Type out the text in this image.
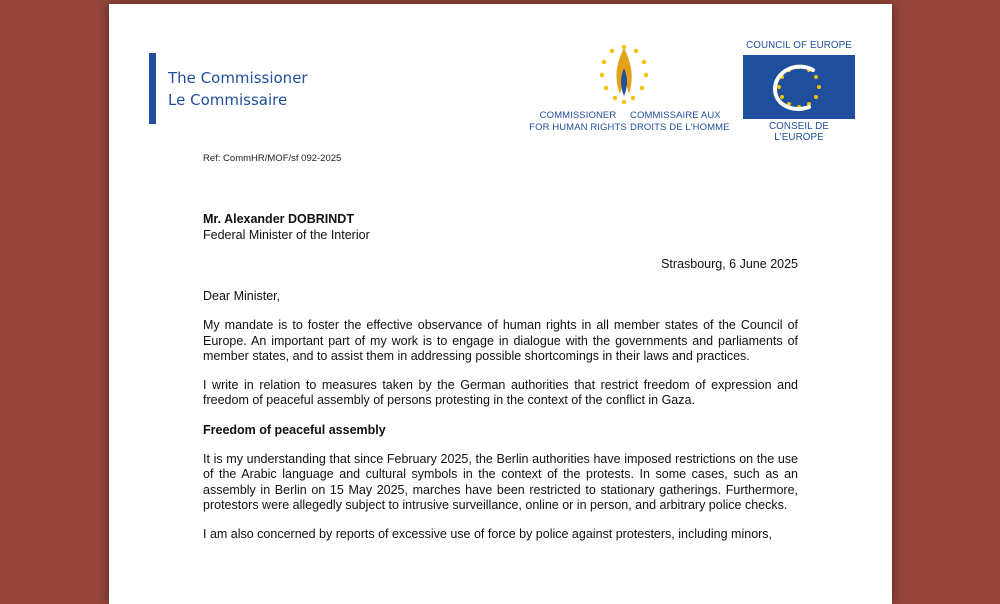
The Commissioner
Le Commissaire
COMMISSIONER
FOR HUMAN RIGHTS
COMMISSAIRE AUX
DROITS DE L'HOMME
COUNCIL OF EUROPE
CONSEIL DE L'EUROPE
Ref: CommHR/MOF/sf 092-2025
Mr. Alexander DOBRINDT
Federal Minister of the Interior
Strasbourg, 6 June 2025

Dear Minister,

My mandate is to foster the effective observance of human rights in all member states of the Council of Europe. An important part of my work is to engage in dialogue with the governments and parliaments of member states, and to assist them in addressing possible shortcomings in their laws and practices.

I write in relation to measures taken by the German authorities that restrict freedom of expression and freedom of peaceful assembly of persons protesting in the context of the conflict in Gaza.

Freedom of peaceful assembly

It is my understanding that since February 2025, the Berlin authorities have imposed restrictions on the use of the Arabic language and cultural symbols in the context of the protests. In some cases, such as an assembly in Berlin on 15 May 2025, marches have been restricted to stationary gatherings. Furthermore, protestors were allegedly subject to intrusive surveillance, online or in person, and arbitrary police checks.

I am also concerned by reports of excessive use of force by police against protesters, including minors,
